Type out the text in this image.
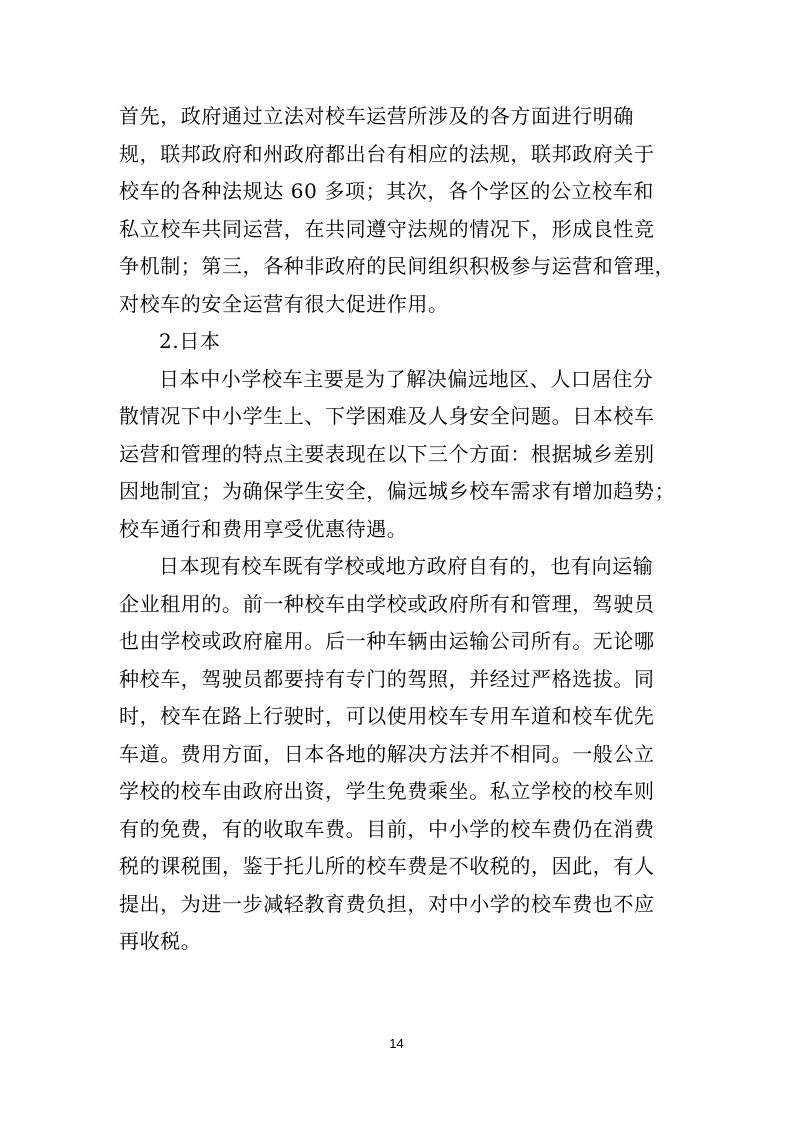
首先，政府通过立法对校车运营所涉及的各方面进行明确
规，联邦政府和州政府都出台有相应的法规，联邦政府关于
校车的各种法规达 60 多项；其次，各个学区的公立校车和
私立校车共同运营，在共同遵守法规的情况下，形成良性竞
争机制；第三，各种非政府的民间组织积极参与运营和管理，
对校车的安全运营有很大促进作用。
2.日本
日本中小学校车主要是为了解决偏远地区、人口居住分
散情况下中小学生上、下学困难及人身安全问题。日本校车
运营和管理的特点主要表现在以下三个方面：根据城乡差别
因地制宜；为确保学生安全，偏远城乡校车需求有增加趋势；
校车通行和费用享受优惠待遇。
日本现有校车既有学校或地方政府自有的，也有向运输
企业租用的。前一种校车由学校或政府所有和管理，驾驶员
也由学校或政府雇用。后一种车辆由运输公司所有。无论哪
种校车，驾驶员都要持有专门的驾照，并经过严格选拔。同
时，校车在路上行驶时，可以使用校车专用车道和校车优先
车道。费用方面，日本各地的解决方法并不相同。一般公立
学校的校车由政府出资，学生免费乘坐。私立学校的校车则
有的免费，有的收取车费。目前，中小学的校车费仍在消费
税的课税围，鉴于托儿所的校车费是不收税的，因此，有人
提出，为进一步减轻教育费负担，对中小学的校车费也不应
再收税。
14
